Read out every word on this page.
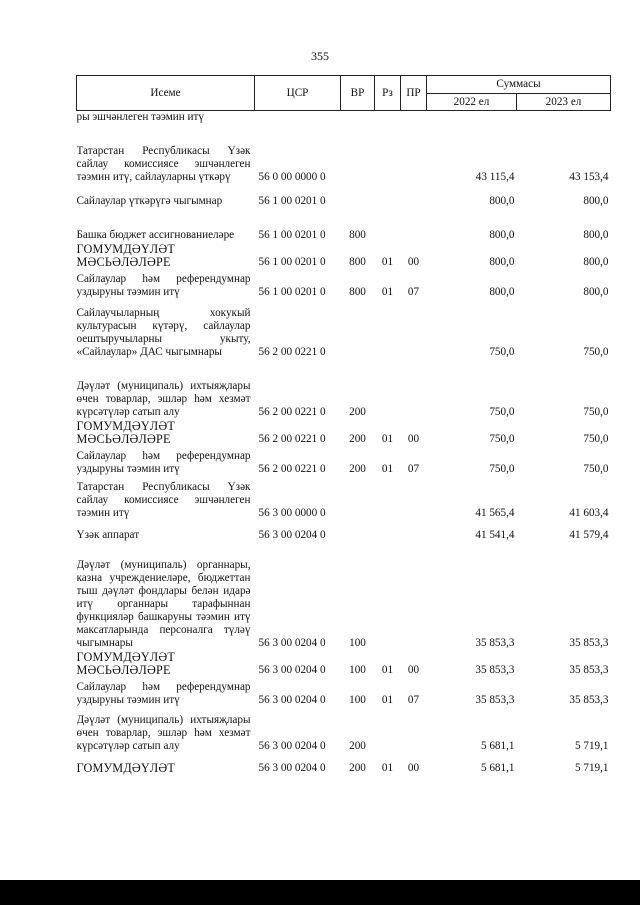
355
Исеме	ЦСР	ВР	Рз	ПР	Суммасы	
					2022 ел	2023 ел
ры эшчәнлеген тәэмин итү						
Татарстан Республикасы Үзәк сайлау комиссиясе эшчәнлеген тәэмин итү, сайлауларны үткәрү	56 0 00 0000 0				43 115,4	43 153,4
Сайлаулар үткәрүгә чыгымнар	56 1 00 0201 0				800,0	800,0
Башка бюджет ассигнованиеләре	56 1 00 0201 0	800			800,0	800,0
ГОМУМДӘҮЛӘТ МӘСЬӘЛӘЛӘРЕ	56 1 00 0201 0	800	01	00	800,0	800,0
Сайлаулар һәм референдумнар уздыруны тәэмин итү	56 1 00 0201 0	800	01	07	800,0	800,0
Сайлаучыларның хокукый культурасын күтәрү, сайлаулар оештыручыларны укыту, «Сайлаулар» ДАС чыгымнары	56 2 00 0221 0				750,0	750,0
Дәүләт (муниципаль) ихтыяҗлары өчен товарлар, эшләр һәм хезмәт күрсәтүләр сатып алу	56 2 00 0221 0	200			750,0	750,0
ГОМУМДӘҮЛӘТ МӘСЬӘЛӘЛӘРЕ	56 2 00 0221 0	200	01	00	750,0	750,0
Сайлаулар һәм референдумнар уздыруны тәэмин итү	56 2 00 0221 0	200	01	07	750,0	750,0
Татарстан Республикасы Үзәк сайлау комиссиясе эшчәнлеген тәэмин итү	56 3 00 0000 0				41 565,4	41 603,4
Үзәк аппарат	56 3 00 0204 0				41 541,4	41 579,4
Дәүләт (муниципаль) органнары, казна учреждениеләре, бюджеттан тыш дәүләт фондлары белән идарә итү органнары тарафыннан функцияләр башкаруны тәэмин итү максатларында персоналга түләү чыгымнары	56 3 00 0204 0	100			35 853,3	35 853,3
ГОМУМДӘҮЛӘТ МӘСЬӘЛӘЛӘРЕ	56 3 00 0204 0	100	01	00	35 853,3	35 853,3
Сайлаулар һәм референдумнар уздыруны тәэмин итү	56 3 00 0204 0	100	01	07	35 853,3	35 853,3
Дәүләт (муниципаль) ихтыяҗлары өчен товарлар, эшләр һәм хезмәт күрсәтүләр сатып алу	56 3 00 0204 0	200			5 681,1	5 719,1
ГОМУМДӘҮЛӘТ	56 3 00 0204 0	200	01	00	5 681,1	5 719,1
